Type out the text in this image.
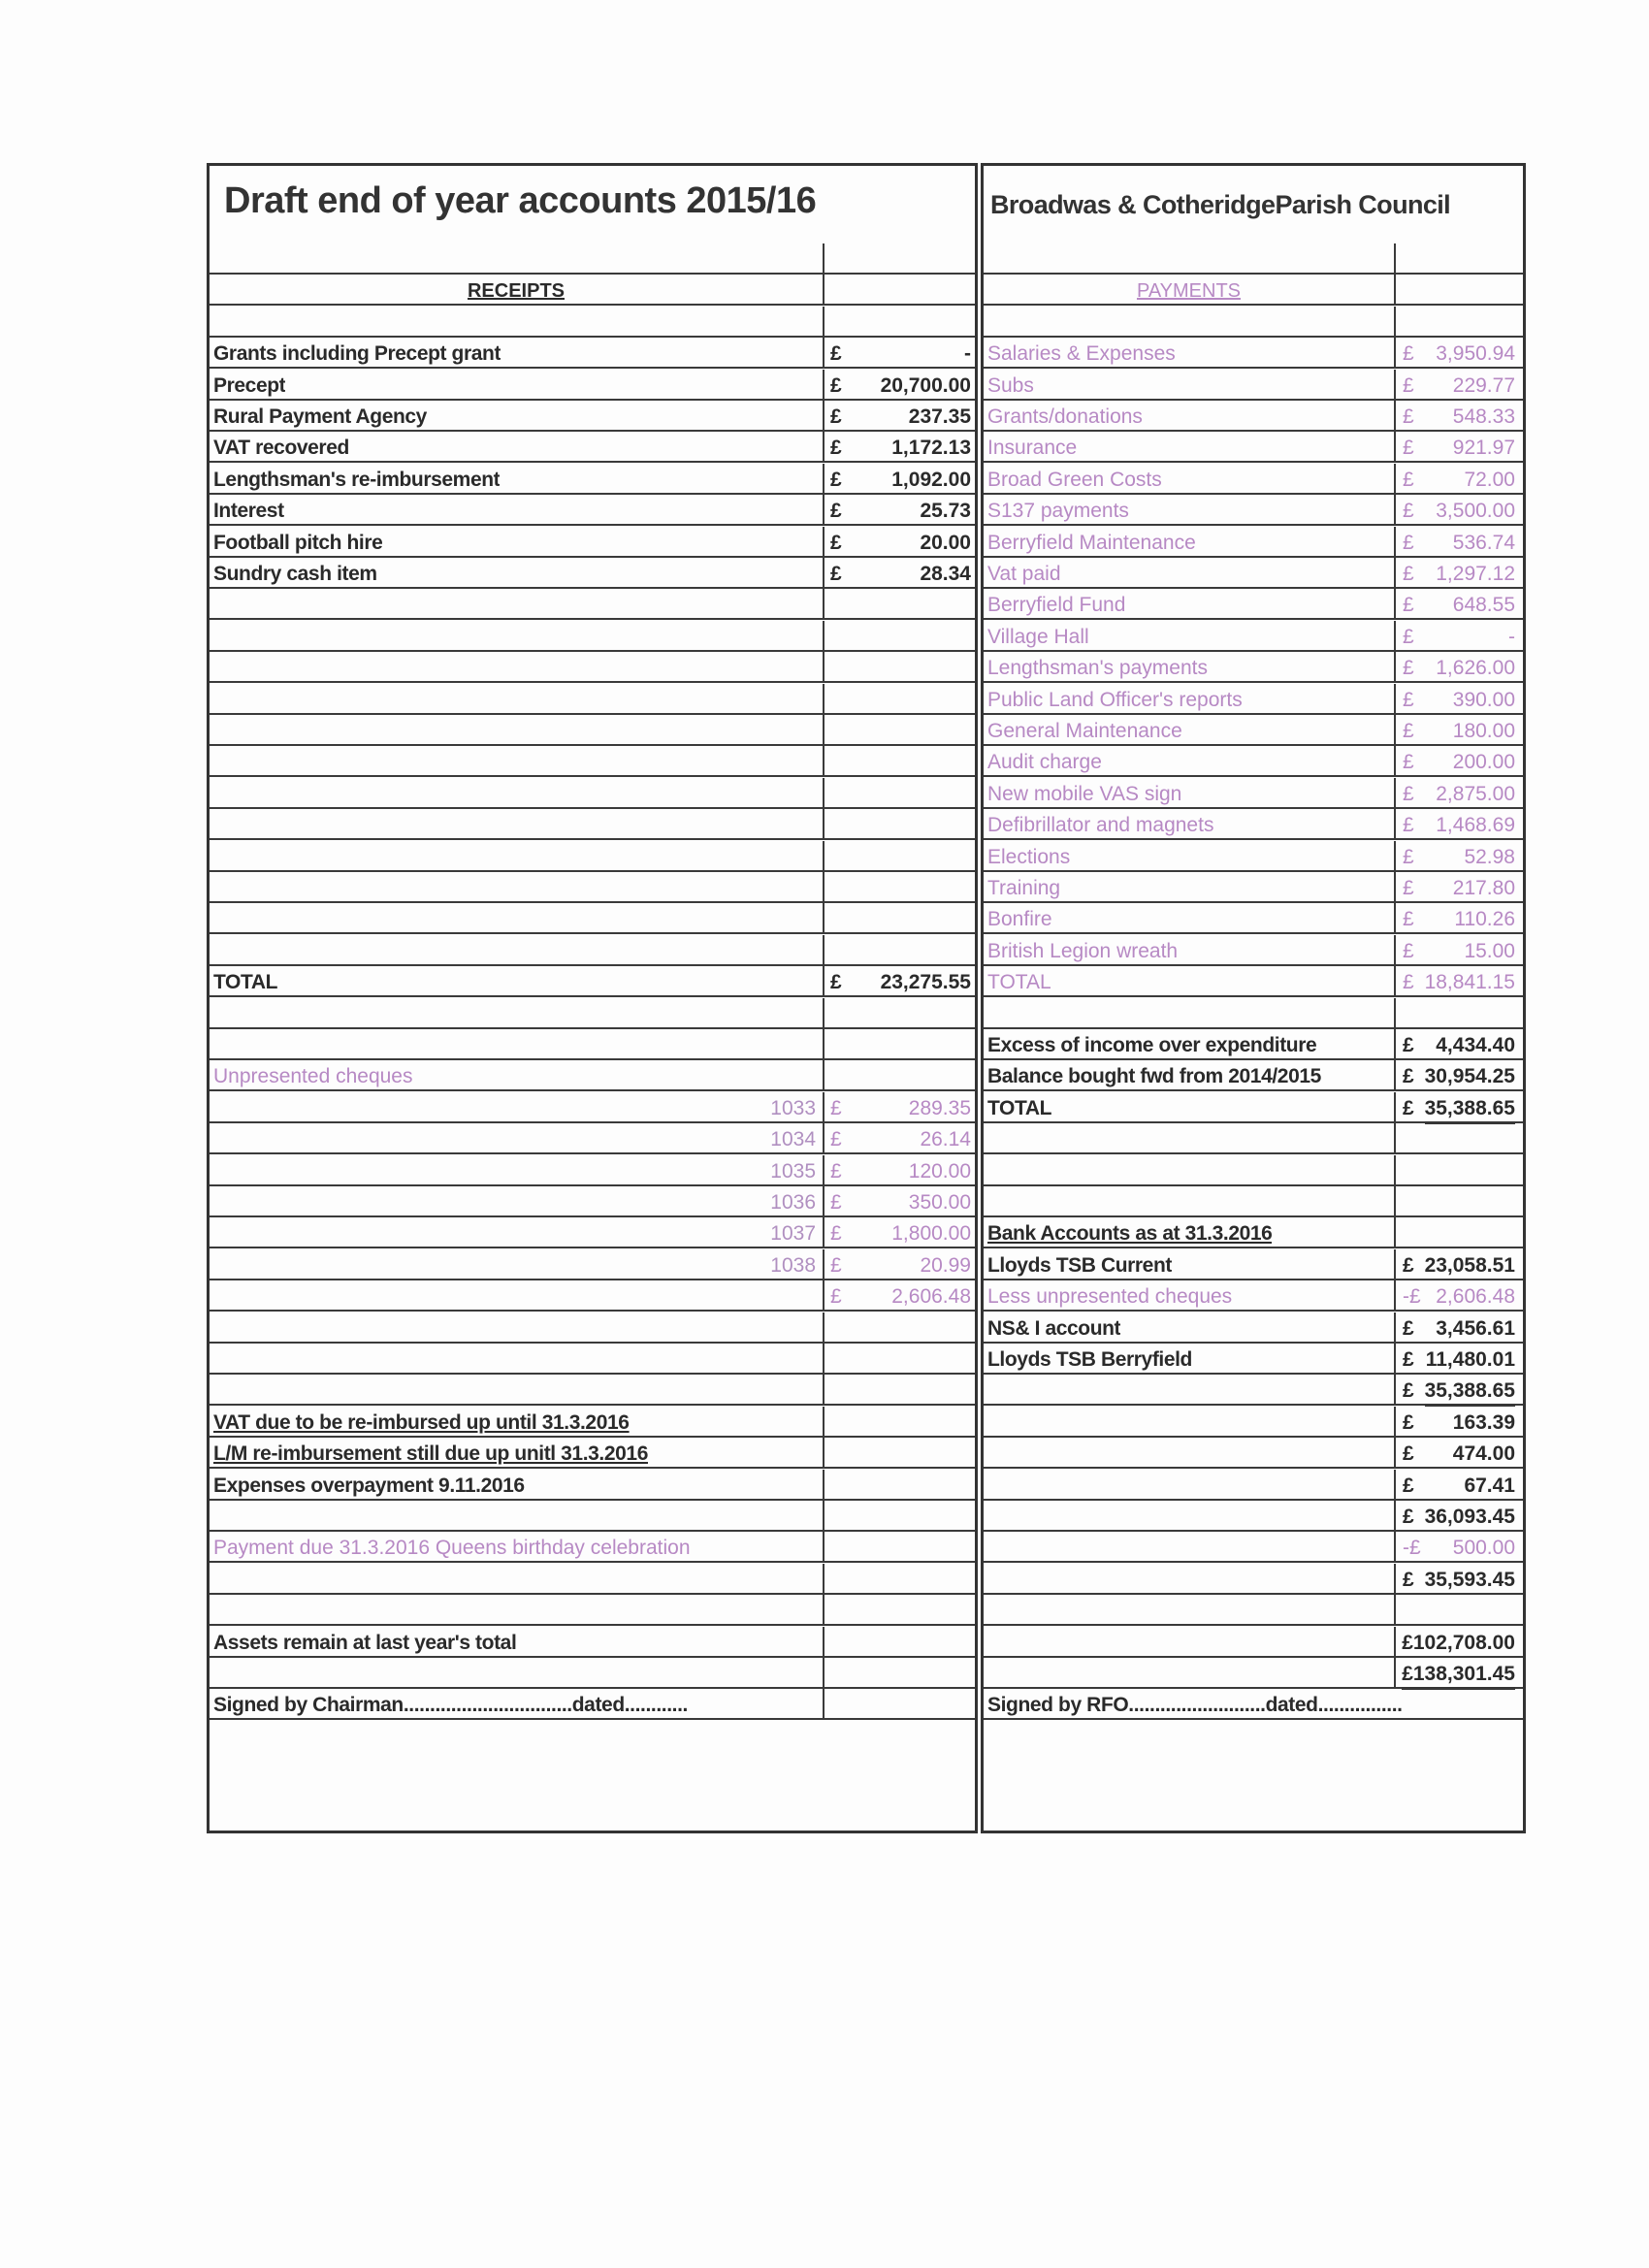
Draft end of year accounts 2015/16	Broadwas & CotheridgeParish Council
RECEIPTS	PAYMENTS
Grants including Precept grant	£	- Salaries & Expenses	£ 3,950.94
Precept	£ 20,700.00 Subs	£ 229.77
Rural Payment Agency	£	237.35 Grants/donations	£ 548.33
VAT recovered	£ 1,172.13 Insurance	£ 921.97
Lengthsman's re-imbursement	£ 1,092.00 Broad Green Costs	£ 72.00
Interest	£	25.73 S137 payments	£ 3,500.00
Football pitch hire	£	20.00 Berryfield Maintenance	£ 536.74
Sundry cash item	£	28.34 Vat paid	£ 1,297.12
Berryfield Fund	£ 648.55
Village Hall	£	-
Lengthsman's payments	£ 1,626.00
Public Land Officer's reports	£ 390.00
General Maintenance	£ 180.00
Audit charge	£ 200.00
New mobile VAS sign	£ 2,875.00
Defibrillator and magnets	£ 1,468.69
Elections	£ 52.98
Training	£ 217.80
Bonfire	£ 110.26
British Legion wreath	£ 15.00
TOTAL	£ 23,275.55 TOTAL	£ 18,841.15
Excess of income over expenditure	£ 4,434.40
Unpresented cheques	Balance bought fwd from 2014/2015	£ 30,954.25
1033 £	289.35 TOTAL	£ 35,388.65
1034 £	26.14
1035 £	120.00
1036 £	350.00
1037 £ 1,800.00 Bank Accounts as at 31.3.2016
1038 £	20.99 Lloyds TSB Current	£ 23,058.51
£ 2,606.48 Less unpresented cheques	-£ 2,606.48
NS& I account	£ 3,456.61
Lloyds TSB Berryfield	£ 11,480.01
£ 35,388.65
VAT due to be re-imbursed up until 31.3.2016	£ 163.39
L/M re-imbursement still due up unitl 31.3.2016	£ 474.00
Expenses overpayment 9.11.2016	£ 67.41
£ 36,093.45
Payment due 31.3.2016 Queens birthday celebration	-£ 500.00
£ 35,593.45
Assets remain at last year's total	£102,708.00
£138,301.45
Signed by Chairman................................dated............	Signed by RFO..........................dated................
